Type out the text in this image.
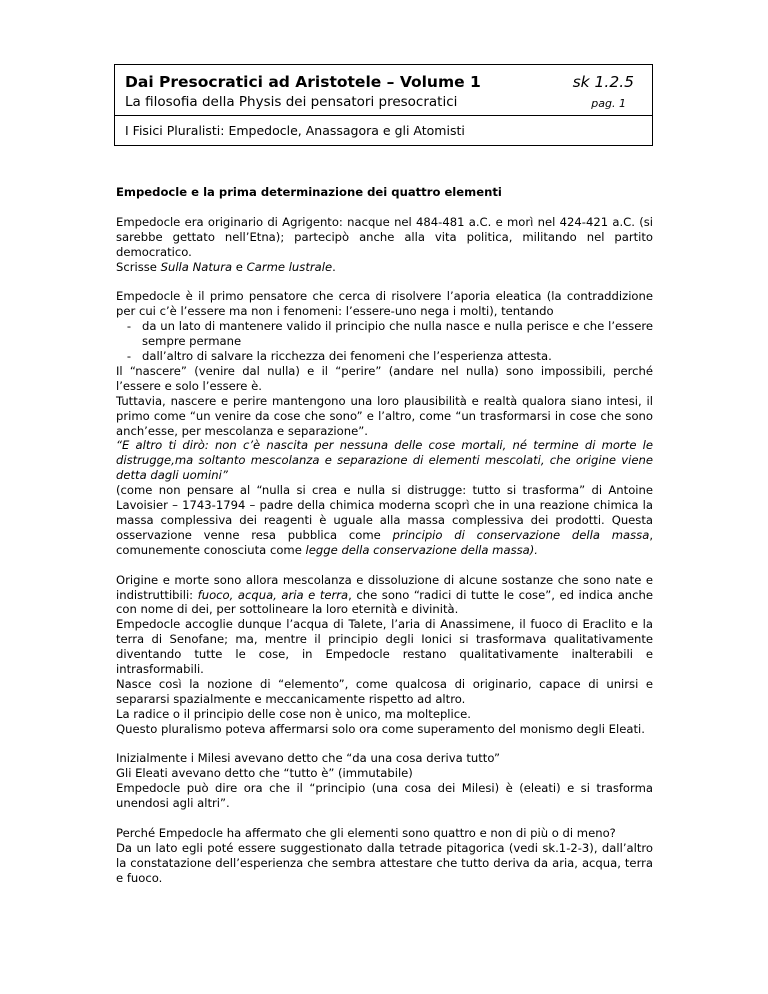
Dai Presocratici ad Aristotele – Volume 1
La filosofia della Physis dei pensatori presocratici
sk 1.2.5
pag. 1
I Fisici Pluralisti: Empedocle, Anassagora e gli Atomisti

Empedocle e la prima determinazione dei quattro elementi

Empedocle era originario di Agrigento: nacque nel 484-481 a.C. e morì nel 424-421 a.C. (si sarebbe gettato nell’Etna); partecipò anche alla vita politica, militando nel partito democratico.

Scrisse Sulla Natura e Carme lustrale.

Empedocle è il primo pensatore che cerca di risolvere l’aporia eleatica (la contraddizione per cui c’è l’essere ma non i fenomeni: l’essere-uno nega i molti), tentando

- da un lato di mantenere valido il principio che nulla nasce e nulla perisce e che l’essere sempre permane
- dall’altro di salvare la ricchezza dei fenomeni che l’esperienza attesta.

Il “nascere” (venire dal nulla) e il “perire” (andare nel nulla) sono impossibili, perché l’essere e solo l’essere è.

Tuttavia, nascere e perire mantengono una loro plausibilità e realtà qualora siano intesi, il primo come “un venire da cose che sono” e l’altro, come “un trasformarsi in cose che sono anch’esse, per mescolanza e separazione”.

“E altro ti dirò: non c’è nascita per nessuna delle cose mortali, né termine di morte le distrugge,ma soltanto mescolanza e separazione di elementi mescolati, che origine viene detta dagli uomini”

(come non pensare al “nulla si crea e nulla si distrugge: tutto si trasforma” di Antoine Lavoisier – 1743-1794 – padre della chimica moderna scoprì che in una reazione chimica la massa complessiva dei reagenti è uguale alla massa complessiva dei prodotti. Questa osservazione venne resa pubblica come principio di conservazione della massa, comunemente conosciuta come legge della conservazione della massa).

Origine e morte sono allora mescolanza e dissoluzione di alcune sostanze che sono nate e indistruttibili: fuoco, acqua, aria e terra, che sono “radici di tutte le cose”, ed indica anche con nome di dei, per sottolineare la loro eternità e divinità.

Empedocle accoglie dunque l’acqua di Talete, l’aria di Anassimene, il fuoco di Eraclito e la terra di Senofane; ma, mentre il principio degli Ionici si trasformava qualitativamente diventando tutte le cose, in Empedocle restano qualitativamente inalterabili e intrasformabili.

Nasce così la nozione di “elemento”, come qualcosa di originario, capace di unirsi e separarsi spazialmente e meccanicamente rispetto ad altro.

La radice o il principio delle cose non è unico, ma molteplice.

Questo pluralismo poteva affermarsi solo ora come superamento del monismo degli Eleati.

Inizialmente i Milesi avevano detto che “da una cosa deriva tutto”

Gli Eleati avevano detto che “tutto è” (immutabile)

Empedocle può dire ora che il “principio (una cosa dei Milesi) è (eleati) e si trasforma unendosi agli altri”.

Perché Empedocle ha affermato che gli elementi sono quattro e non di più o di meno?

Da un lato egli poté essere suggestionato dalla tetrade pitagorica (vedi sk.1-2-3), dall’altro la constatazione dell’esperienza che sembra attestare che tutto deriva da aria, acqua, terra e fuoco.
